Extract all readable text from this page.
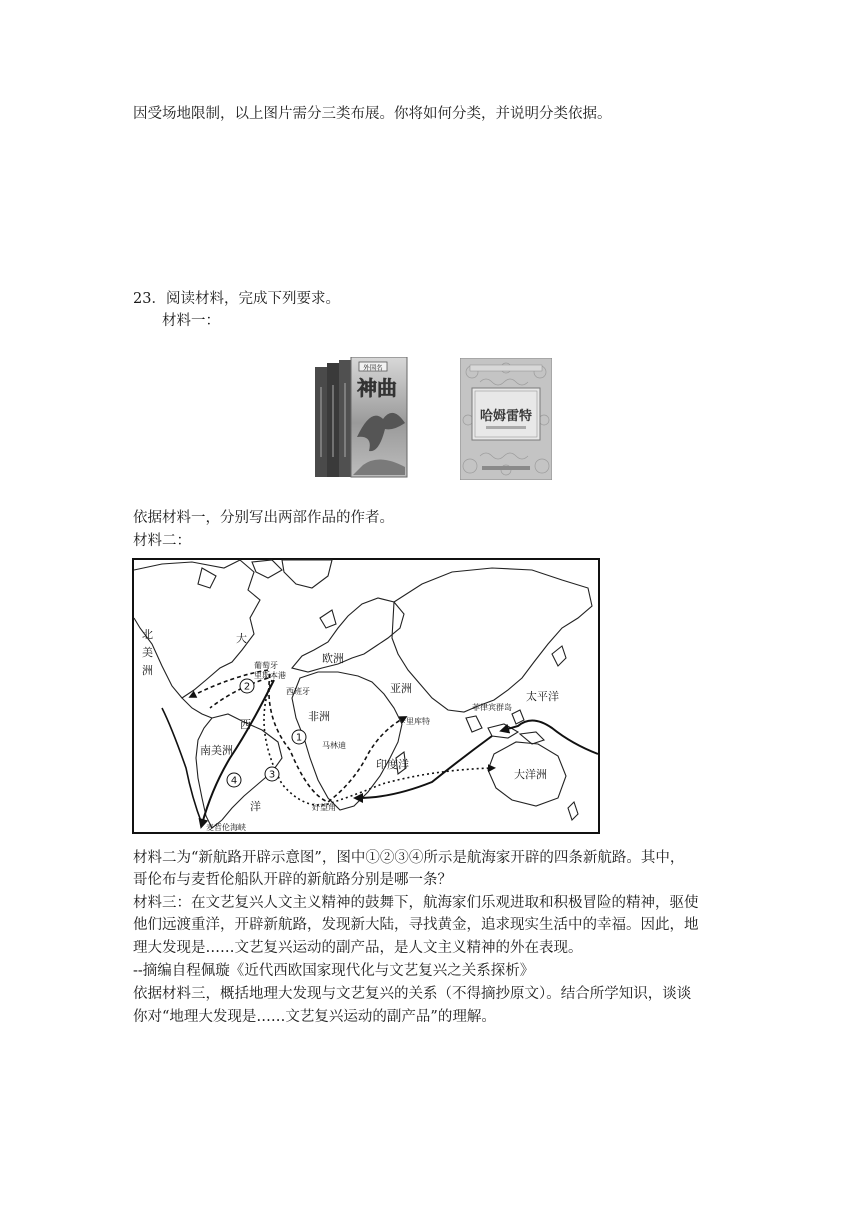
因受场地限制，以上图片需分三类布展。你将如何分类，并说明分类依据。
23．阅读材料，完成下列要求。
材料一：
外国名
神曲
哈姆雷特
依据材料一，分别写出两部作品的作者。
材料二：
1
2
3
4
北
美
洲
大
西
洋
欧洲
亚洲
非洲
南美洲
印度洋
太平洋
大洋洲
葡萄牙
里斯本港
西班牙
卡里库特
菲律宾群岛
马林迪
好望角
麦哲伦海峡
材料二为“新航路开辟示意图”，图中①②③④所示是航海家开辟的四条新航路。其中，
哥伦布与麦哲伦船队开辟的新航路分别是哪一条？
材料三：在文艺复兴人文主义精神的鼓舞下，航海家们乐观进取和积极冒险的精神，驱使
他们远渡重洋，开辟新航路，发现新大陆，寻找黄金，追求现实生活中的幸福。因此，地
理大发现是……文艺复兴运动的副产品，是人文主义精神的外在表现。
--摘编自程佩璇《近代西欧国家现代化与文艺复兴之关系探析》
依据材料三，概括地理大发现与文艺复兴的关系（不得摘抄原文）。结合所学知识，谈谈
你对“地理大发现是……文艺复兴运动的副产品”的理解。
